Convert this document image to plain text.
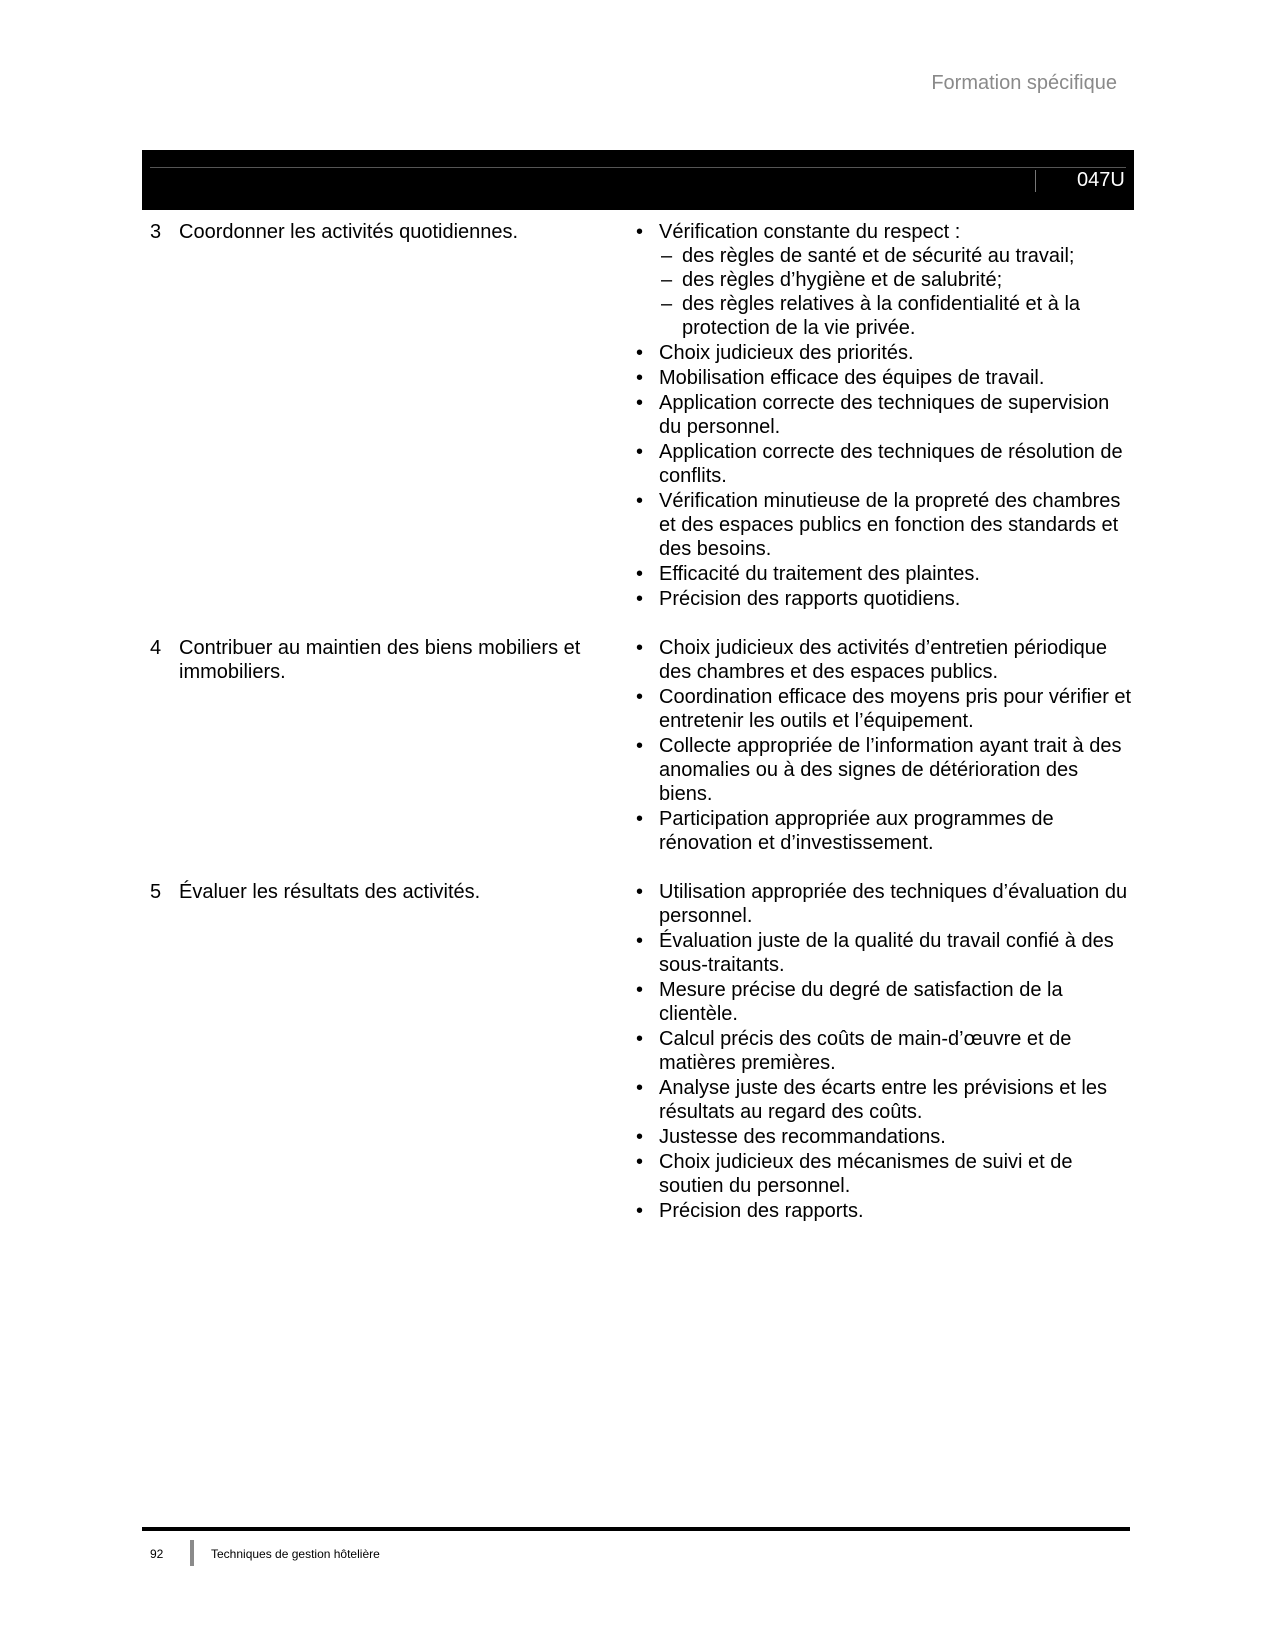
Formation spécifique
Code :
047U
3 Coordonner les activités quotidiennes.	• Vérification constante du respect :
– des règles de santé et de sécurité au travail;
– des règles d’hygiène et de salubrité;
– des règles relatives à la confidentialité et à la protection de la vie privée.
• Choix judicieux des priorités.
• Mobilisation efficace des équipes de travail.
• Application correcte des techniques de supervision du personnel.
• Application correcte des techniques de résolution de conflits.
• Vérification minutieuse de la propreté des chambres et des espaces publics en fonction des standards et des besoins.
• Efficacité du traitement des plaintes.
• Précision des rapports quotidiens.
4 Contribuer au maintien des biens mobiliers et immobiliers.
• Choix judicieux des activités d’entretien périodique des chambres et des espaces publics.
• Coordination efficace des moyens pris pour vérifier et entretenir les outils et l’équipement.
• Collecte appropriée de l’information ayant trait à des anomalies ou à des signes de détérioration des biens.
• Participation appropriée aux programmes de rénovation et d’investissement.
5 Évaluer les résultats des activités.	• Utilisation appropriée des techniques d’évaluation du personnel.
• Évaluation juste de la qualité du travail confié à des sous-traitants.
• Mesure précise du degré de satisfaction de la clientèle.
• Calcul précis des coûts de main-d’œuvre et de matières premières.
• Analyse juste des écarts entre les prévisions et les résultats au regard des coûts.
• Justesse des recommandations.
• Choix judicieux des mécanismes de suivi et de soutien du personnel.
• Précision des rapports.
92	Techniques de gestion hôtelière
